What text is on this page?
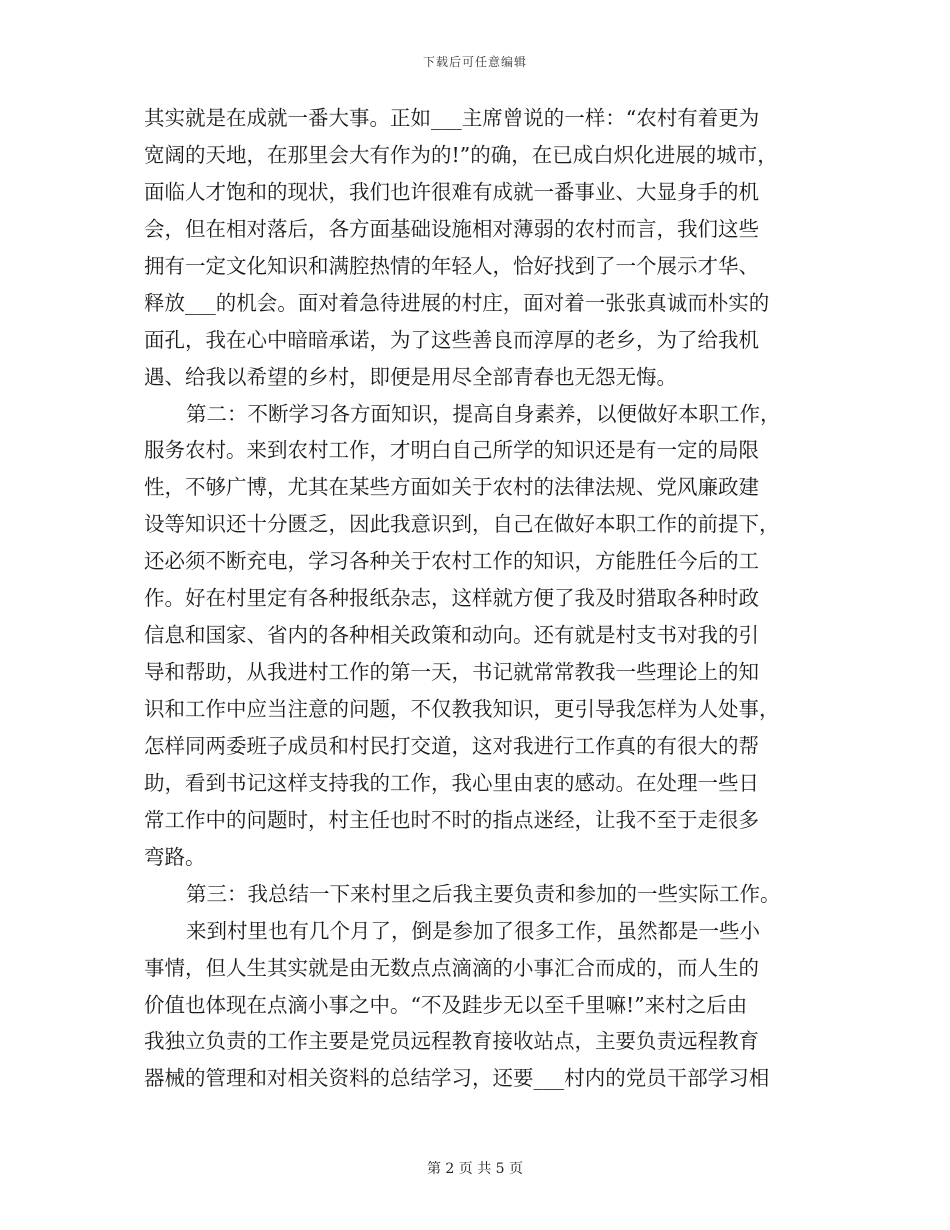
下载后可任意编辑
其实就是在成就一番大事。正如___主席曾说的一样：“农村有着更为
宽阔的天地，在那里会大有作为的!”的确，在已成白炽化进展的城市，
面临人才饱和的现状，我们也许很难有成就一番事业、大显身手的机
会，但在相对落后，各方面基础设施相对薄弱的农村而言，我们这些
拥有一定文化知识和满腔热情的年轻人，恰好找到了一个展示才华、
释放___的机会。面对着急待进展的村庄，面对着一张张真诚而朴实的
面孔，我在心中暗暗承诺，为了这些善良而淳厚的老乡，为了给我机
遇、给我以希望的乡村，即便是用尽全部青春也无怨无悔。
第二：不断学习各方面知识，提高自身素养，以便做好本职工作，
服务农村。来到农村工作，才明白自己所学的知识还是有一定的局限
性，不够广博，尤其在某些方面如关于农村的法律法规、党风廉政建
设等知识还十分匮乏，因此我意识到，自己在做好本职工作的前提下，
还必须不断充电，学习各种关于农村工作的知识，方能胜任今后的工
作。好在村里定有各种报纸杂志，这样就方便了我及时猎取各种时政
信息和国家、省内的各种相关政策和动向。还有就是村支书对我的引
导和帮助，从我进村工作的第一天，书记就常常教我一些理论上的知
识和工作中应当注意的问题，不仅教我知识，更引导我怎样为人处事，
怎样同两委班子成员和村民打交道，这对我进行工作真的有很大的帮
助，看到书记这样支持我的工作，我心里由衷的感动。在处理一些日
常工作中的问题时，村主任也时不时的指点迷经，让我不至于走很多
弯路。
第三：我总结一下来村里之后我主要负责和参加的一些实际工作。
来到村里也有几个月了，倒是参加了很多工作，虽然都是一些小
事情，但人生其实就是由无数点点滴滴的小事汇合而成的，而人生的
价值也体现在点滴小事之中。“不及跬步无以至千里嘛!”来村之后由
我独立负责的工作主要是党员远程教育接收站点，主要负责远程教育
器械的管理和对相关资料的总结学习，还要___村内的党员干部学习相
第 2 页 共 5 页
